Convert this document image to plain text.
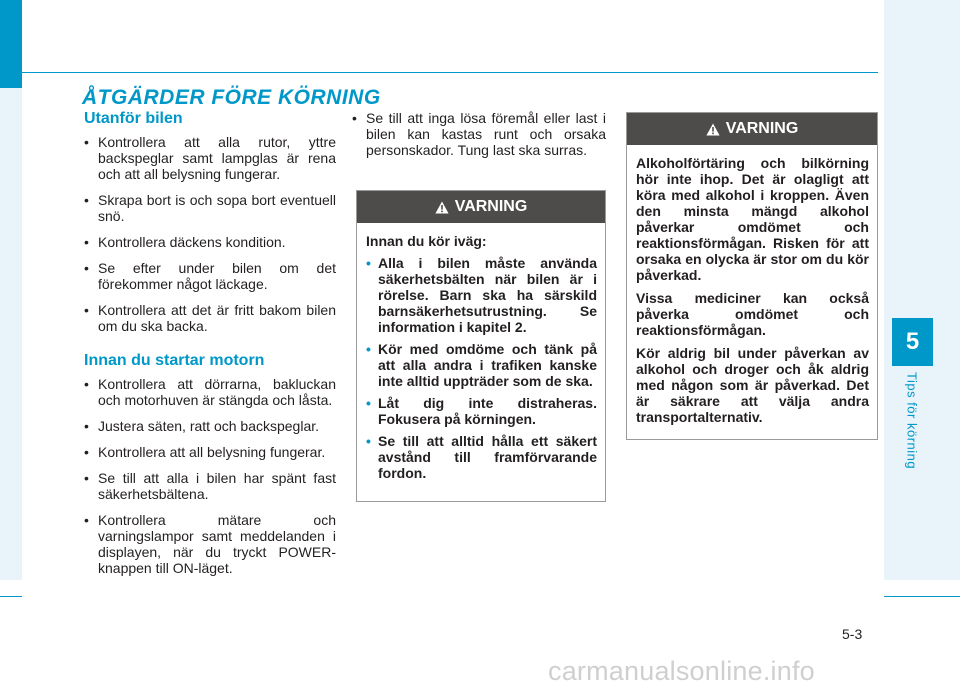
5
Tips för körning
ÅTGÄRDER FÖRE KÖRNING
Utanför bilen
• Kontrollera att alla rutor, yttre backspeglar samt lampglas är rena och att all belysning fungerar.
• Skrapa bort is och sopa bort eventuell snö.
• Kontrollera däckens kondition.
• Se efter under bilen om det förekommer något läckage.
• Kontrollera att det är fritt bakom bilen om du ska backa.
Innan du startar motorn
• Kontrollera att dörrarna, bakluckan och motorhuven är stängda och låsta.
• Justera säten, ratt och backspeglar.
• Kontrollera att all belysning fungerar.
• Se till att alla i bilen har spänt fast säkerhetsbältena.
• Kontrollera mätare och varningslampor samt meddelanden i displayen, när du tryckt POWER-knappen till ON-läget.
• Se till att inga lösa föremål eller last i bilen kan kastas runt och orsaka personskador. Tung last ska surras.
VARNING

Innan du kör iväg:

• Alla i bilen måste använda säkerhetsbälten när bilen är i rörelse. Barn ska ha särskild barnsäkerhetsutrustning. Se information i kapitel 2.
• Kör med omdöme och tänk på att alla andra i trafiken kanske inte alltid uppträder som de ska.
• Låt dig inte distraheras. Fokusera på körningen.
• Se till att alltid hålla ett säkert avstånd till framförvarande fordon.
VARNING

Alkoholförtäring och bilkörning hör inte ihop. Det är olagligt att köra med alkohol i kroppen. Även den minsta mängd alkohol påverkar omdömet och reaktionsförmågan. Risken för att orsaka en olycka är stor om du kör påverkad.

Vissa mediciner kan också påverka omdömet och reaktionsförmågan.

Kör aldrig bil under påverkan av alkohol och droger och åk aldrig med någon som är påverkad. Det är säkrare att välja andra transportalternativ.

5-3
carmanualsonline.info
